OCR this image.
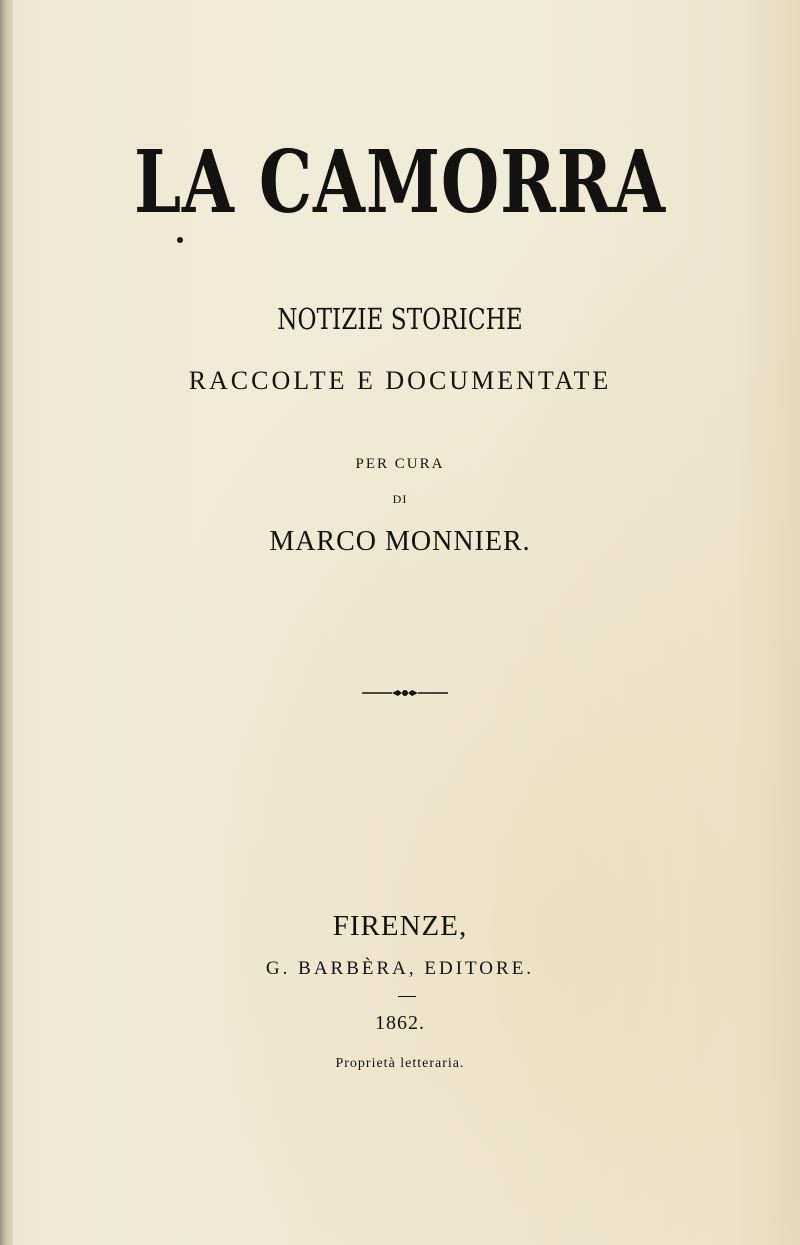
LA CAMORRA
NOTIZIE STORICHE
RACCOLTE E DOCUMENTATE
PER CURA
DI
MARCO MONNIER.
FIRENZE,
G. BARBÈRA, EDITORE.
1862.
Proprietà letteraria.
